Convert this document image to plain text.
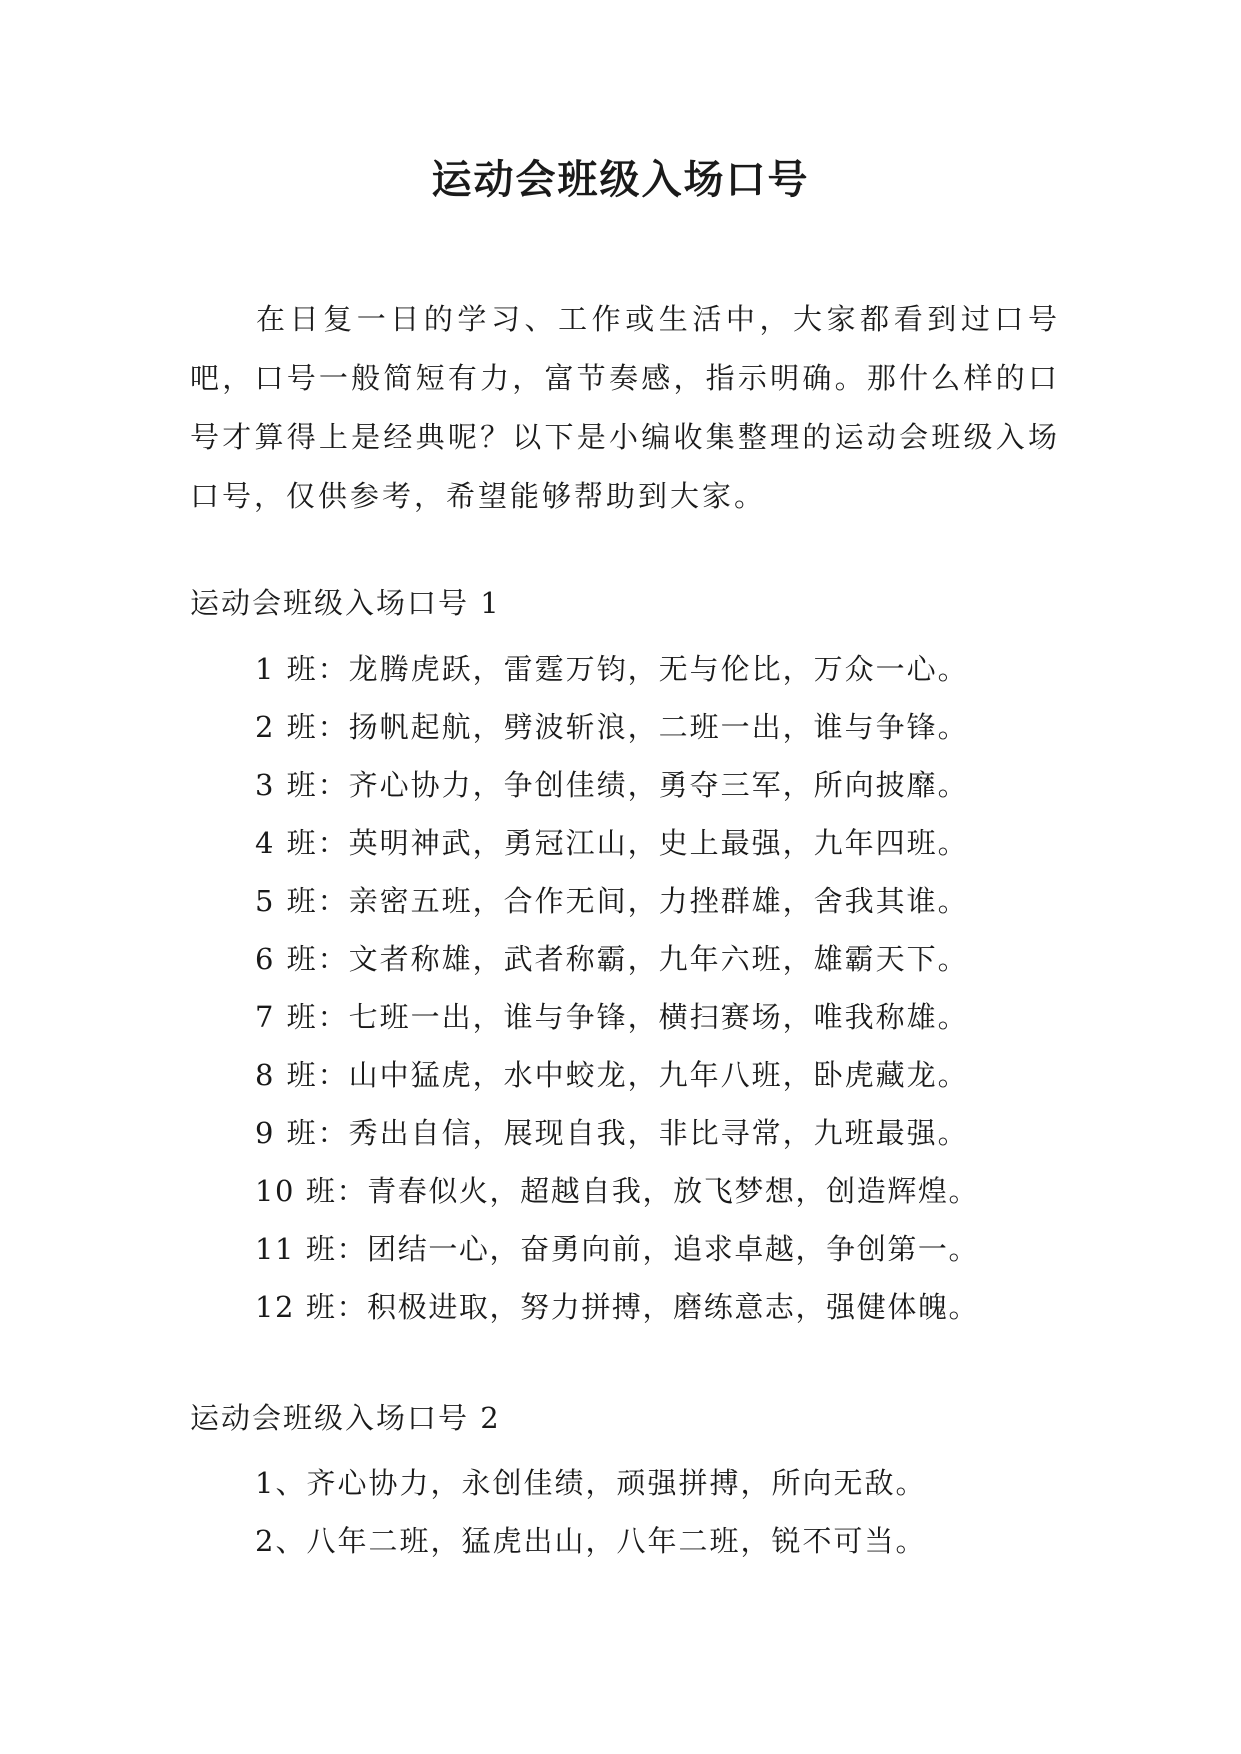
运动会班级入场口号

在日复一日的学习、工作或生活中，大家都看到过口号吧，口号一般简短有力，富节奏感，指示明确。那什么样的口号才算得上是经典呢？以下是小编收集整理的运动会班级入场口号，仅供参考，希望能够帮助到大家。

运动会班级入场口号 1
1 班：龙腾虎跃，雷霆万钧，无与伦比，万众一心。
2 班：扬帆起航，劈波斩浪，二班一出，谁与争锋。
3 班：齐心协力，争创佳绩，勇夺三军，所向披靡。
4 班：英明神武，勇冠江山，史上最强，九年四班。
5 班：亲密五班，合作无间，力挫群雄，舍我其谁。
6 班：文者称雄，武者称霸，九年六班，雄霸天下。
7 班：七班一出，谁与争锋，横扫赛场，唯我称雄。
8 班：山中猛虎，水中蛟龙，九年八班，卧虎藏龙。
9 班：秀出自信，展现自我，非比寻常，九班最强。
10 班：青春似火，超越自我，放飞梦想，创造辉煌。
11 班：团结一心，奋勇向前，追求卓越，争创第一。
12 班：积极进取，努力拼搏，磨练意志，强健体魄。
运动会班级入场口号 2
1、齐心协力，永创佳绩，顽强拼搏，所向无敌。
2、八年二班，猛虎出山，八年二班，锐不可当。
